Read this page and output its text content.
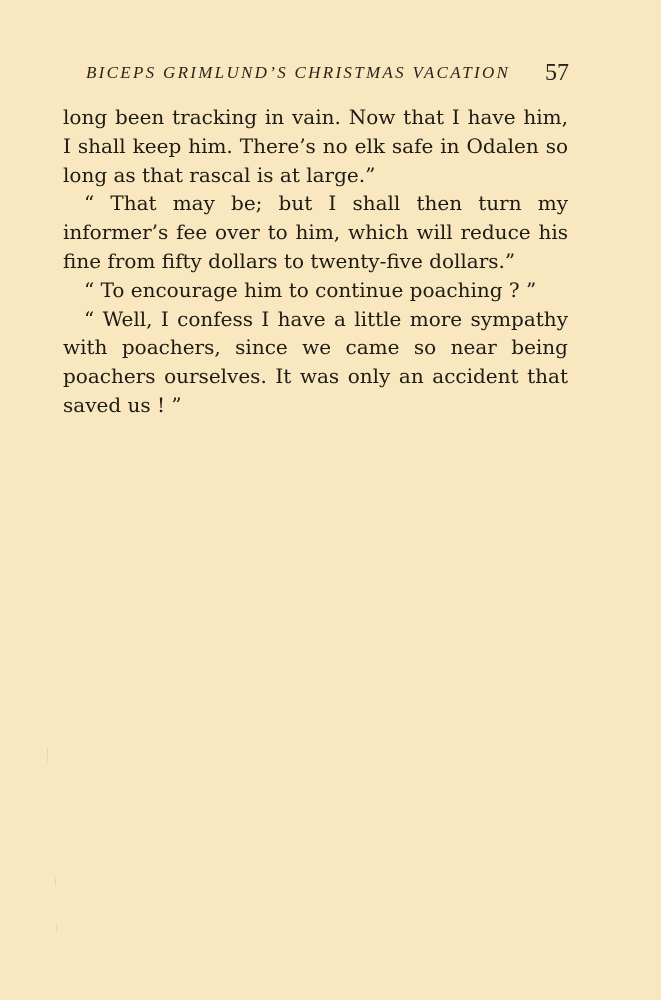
BICEPS GRIMLUND’S CHRISTMAS VACATION 57

long been tracking in vain. Now that I have him, I shall keep him. There’s no elk safe in Odalen so long as that rascal is at large.”

“ That may be; but I shall then turn my informer’s fee over to him, which will reduce his fine from fifty dollars to twenty-five dollars.”

“ To encourage him to continue poaching ? ”

“ Well, I confess I have a little more sympathy with poachers, since we came so near being poachers ourselves. It was only an accident that saved us ! ”
